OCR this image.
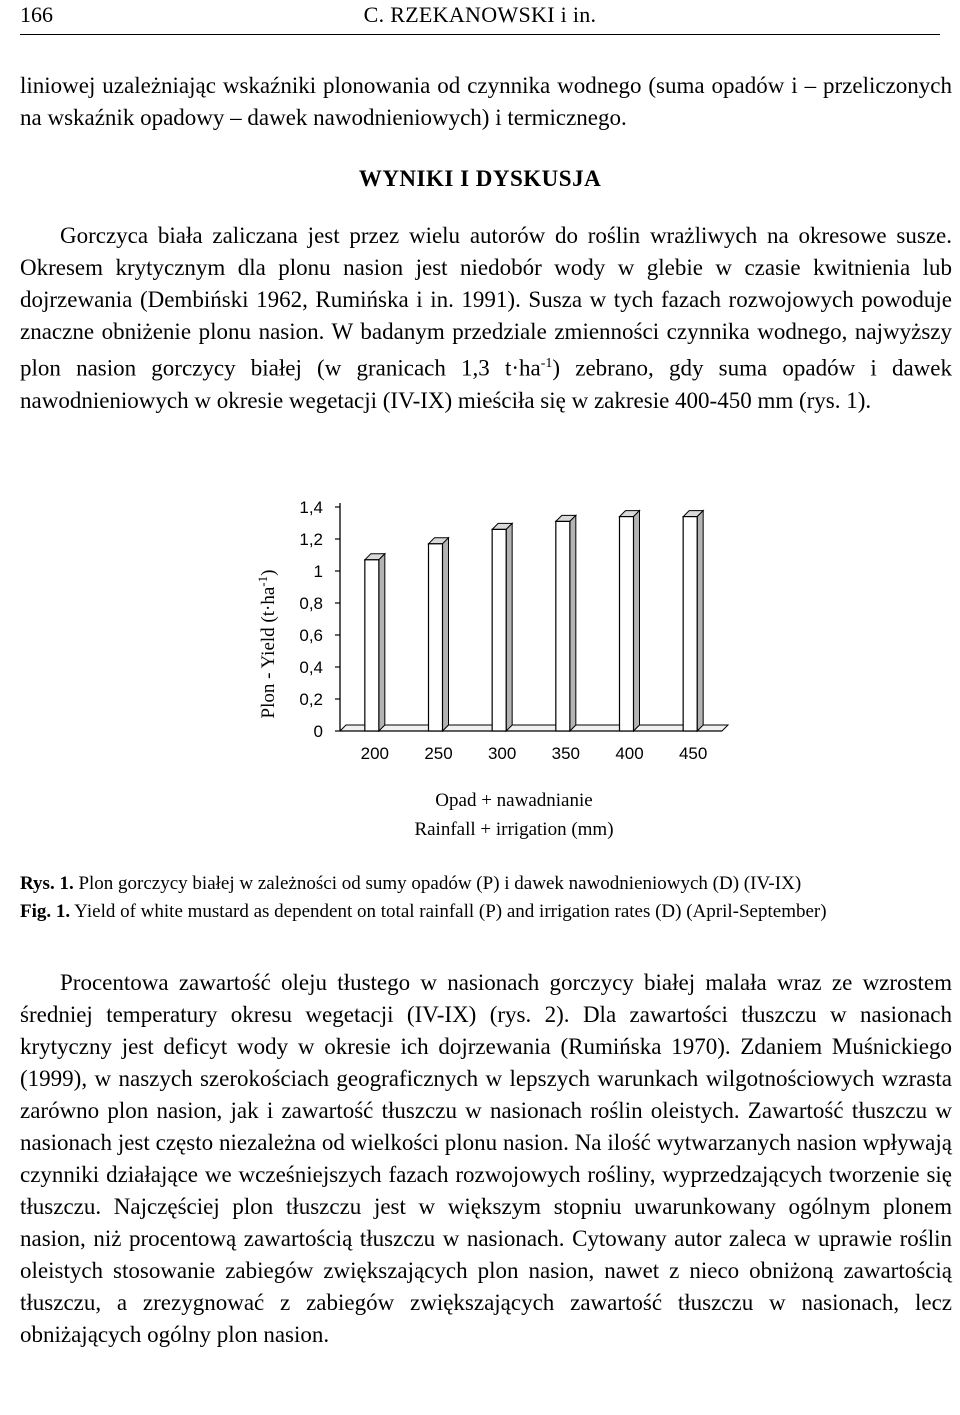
166	C. RZEKANOWSKI i in.

liniowej uzależniając wskaźniki plonowania od czynnika wodnego (suma opadów i – przeliczonych na wskaźnik opadowy – dawek nawodnieniowych) i termicznego.

WYNIKI I DYSKUSJA

Gorczyca biała zaliczana jest przez wielu autorów do roślin wrażliwych na okresowe susze. Okresem krytycznym dla plonu nasion jest niedobór wody w glebie w czasie kwitnienia lub dojrzewania (Dembiński 1962, Rumińska i in. 1991). Susza w tych fazach rozwojowych powoduje znaczne obniżenie plonu nasion. W badanym przedziale zmienności czynnika wodnego, najwyższy plon nasion gorczycy białej (w granicach 1,3 $t\cdot ha^{-1}$) zebrano, gdy suma opadów i dawek nawodnieniowych w okresie wegetacji (IV-IX) mieściła się w zakresie 400-450 mm (rys. 1).

Plon - Yield $(t\cdot ha^{-1})$
0
0,2
0,4
0,6
0,8
1
1,2
1,4
200 250 300 350 400 450
Opad + nawadnianie
Rainfall + irrigation (mm)

Rys. 1. Plon gorczycy białej w zależności od sumy opadów (P) i dawek nawodnieniowych (D) (IV-IX)

Fig. 1. Yield of white mustard as dependent on total rainfall (P) and irrigation rates (D) (April-September)

Procentowa zawartość oleju tłustego w nasionach gorczycy białej malała wraz ze wzrostem średniej temperatury okresu wegetacji (IV-IX) (rys. 2). Dla zawartości tłuszczu w nasionach krytyczny jest deficyt wody w okresie ich dojrzewania (Rumińska 1970). Zdaniem Muśnickiego (1999), w naszych szerokościach geograficznych w lepszych warunkach wilgotnościowych wzrasta zarówno plon nasion, jak i zawartość tłuszczu w nasionach roślin oleistych. Zawartość tłuszczu w nasionach jest często niezależna od wielkości plonu nasion. Na ilość wytwarzanych nasion wpływają czynniki działające we wcześniejszych fazach rozwojowych rośliny, wyprzedzających tworzenie się tłuszczu. Najczęściej plon tłuszczu jest w większym stopniu uwarunkowany ogólnym plonem nasion, niż procentową zawartością tłuszczu w nasionach. Cytowany autor zaleca w uprawie roślin oleistych stosowanie zabiegów zwiększających plon nasion, nawet z nieco obniżoną zawartością tłuszczu, a zrezygnować z zabiegów zwiększających zawartość tłuszczu w nasionach, lecz obniżających ogólny plon nasion.
